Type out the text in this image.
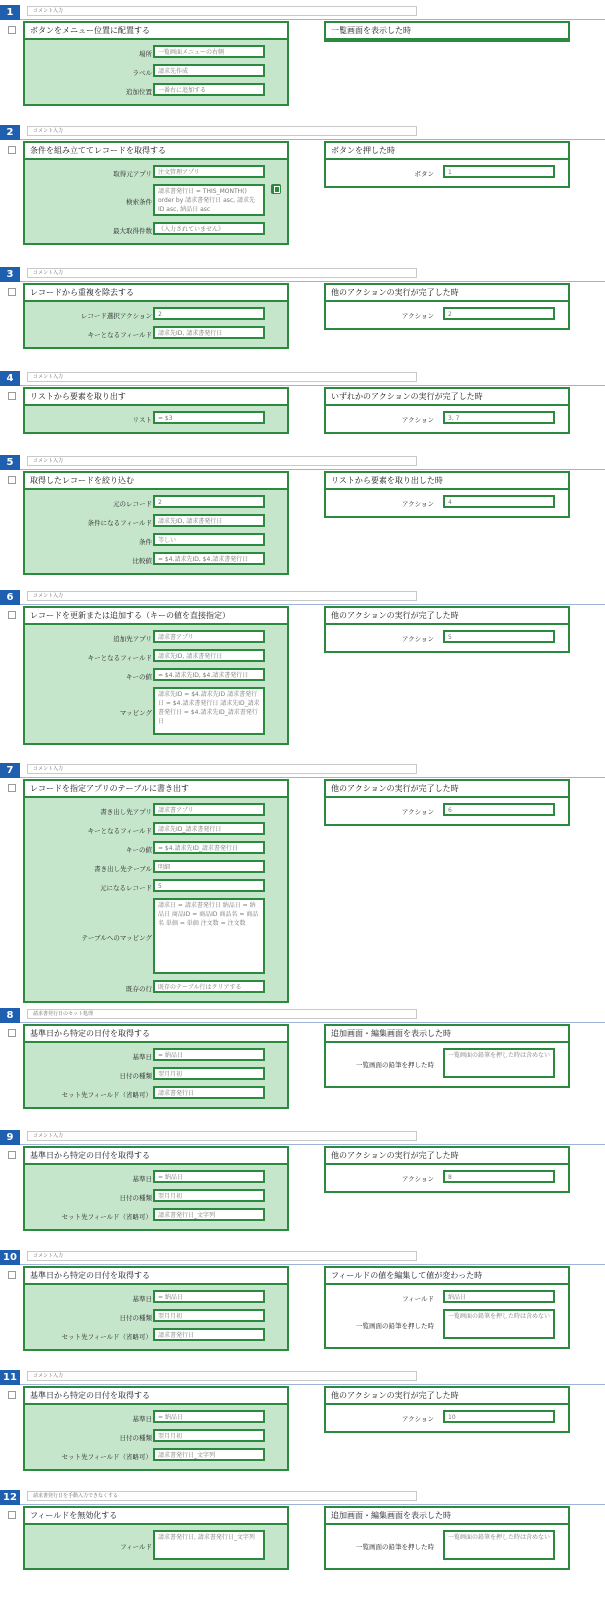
1	コメント入力
ボタンをメニュー位置に配置する
場所	一覧画面メニューの右側
ラベル	請求先作成
追加位置	一番右に追加する
一覧画面を表示した時
2	コメント入力
条件を組み立ててレコードを取得する
取得元アプリ	注文管理アプリ
検索条件
請求書発行日 = THIS_MONTH() order by 請求書発行日 asc, 請求先ID asc, 納品日 asc
最大取得件数	《入力されていません》
ボタンを押した時
ボタン	1
3	コメント入力
レコードから重複を除去する
レコード選択アクション	2
キーとなるフィールド	請求先ID, 請求書発行日
他のアクションの実行が完了した時
アクション	2
4	コメント入力
リストから要素を取り出す
リスト	= $3
いずれかのアクションの実行が完了した時
アクション	3, 7
5	コメント入力
取得したレコードを絞り込む
元のレコード	2
条件になるフィールド	請求先ID, 請求書発行日
条件	等しい
比較値	= $4.請求先ID, $4.請求書発行日
リストから要素を取り出した時
アクション	4
6	コメント入力
レコードを更新または追加する（キーの値を直接指定）
追加先アプリ	請求書アプリ
キーとなるフィールド	請求先ID, 請求書発行日
キーの値	= $4.請求先ID, $4.請求書発行日
マッピング
請求先ID = $4.請求先ID 請求書発行日 = $4.請求書発行日 請求先ID_請求書発行日 = $4.請求先ID_請求書発行日
他のアクションの実行が完了した時
アクション	5
7	コメント入力
レコードを指定アプリのテーブルに書き出す
書き出し先アプリ	請求書アプリ
キーとなるフィールド	請求先ID_請求書発行日
キーの値	= $4.請求先ID_請求書発行日
書き出し先テーブル	明細
元になるレコード	5
テーブルへのマッピング
請求日 = 請求書発行日 納品日 = 納品日 商品ID = 商品ID 商品名 = 商品名 単価 = 単価 注文数 = 注文数
既存の行	既存のテーブル行はクリアする
他のアクションの実行が完了した時
アクション	6
8	請求書発行日のセット処理
基準日から特定の日付を取得する
基準日	= 納品日
日付の種類	翌月月初
セット先フィールド（省略可）	請求書発行日
追加画面・編集画面を表示した時
一覧画面の鉛筆を押した時
一覧画面の鉛筆を押した時は含めない
9	コメント入力
基準日から特定の日付を取得する
基準日	= 納品日
日付の種類	翌月月初
セット先フィールド（省略可）	請求書発行日_文字列
他のアクションの実行が完了した時
アクション	8
10	コメント入力
基準日から特定の日付を取得する
基準日	= 納品日
日付の種類	翌月月初
セット先フィールド（省略可）	請求書発行日
フィールドの値を編集して値が変わった時
フィールド	納品日
一覧画面の鉛筆を押した時
一覧画面の鉛筆を押した時は含めない
11	コメント入力
基準日から特定の日付を取得する
基準日	= 納品日
日付の種類	翌月月初
セット先フィールド（省略可）	請求書発行日_文字列
他のアクションの実行が完了した時
アクション	10
12	請求書発行日を手動入力できなくする
フィールドを無効化する
フィールド
請求書発行日, 請求書発行日_文字列
追加画面・編集画面を表示した時
一覧画面の鉛筆を押した時
一覧画面の鉛筆を押した時は含めない
